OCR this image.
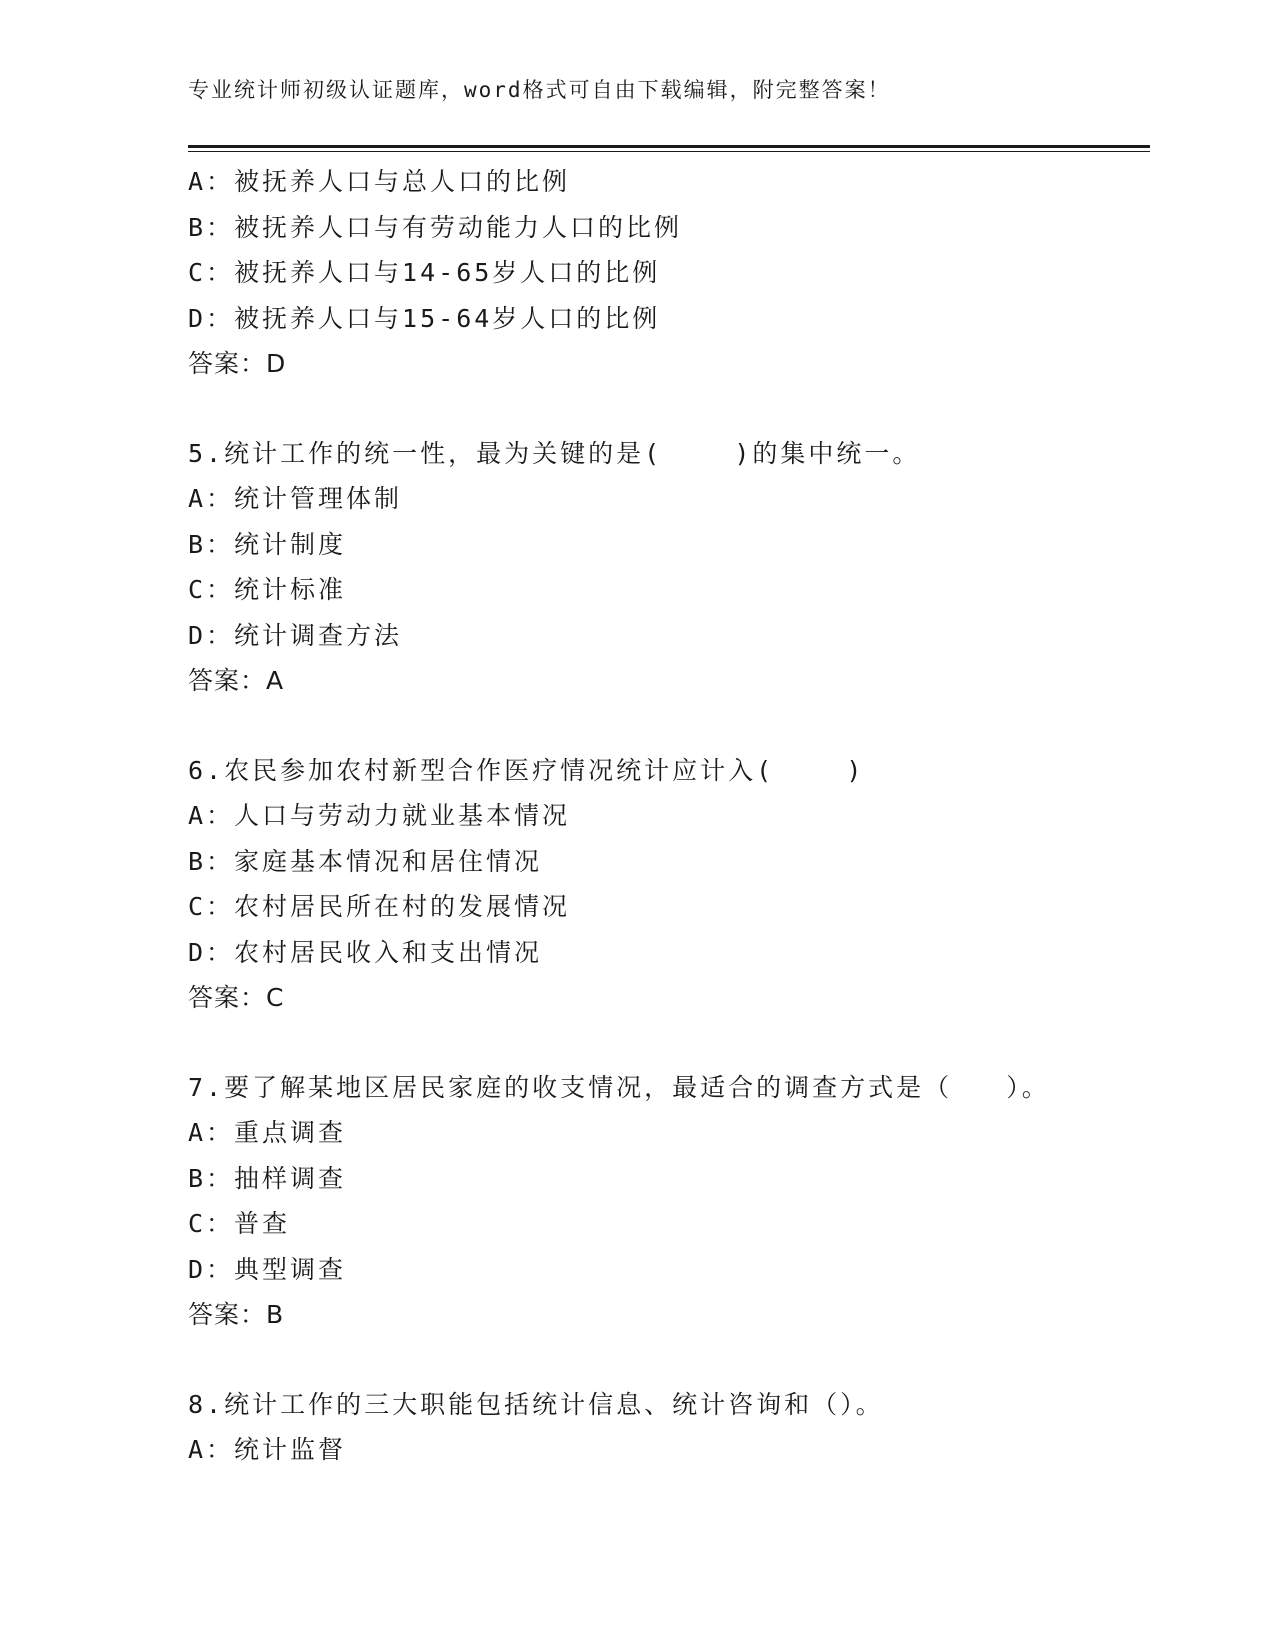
专业统计师初级认证题库，word格式可自由下载编辑，附完整答案！
A：被抚养人口与总人口的比例
B：被抚养人口与有劳动能力人口的比例
C：被抚养人口与14-65岁人口的比例
D：被抚养人口与15-64岁人口的比例
答案：D
5.统计工作的统一性，最为关键的是(    )的集中统一。
A：统计管理体制
B：统计制度
C：统计标准
D：统计调查方法
答案：A
6.农民参加农村新型合作医疗情况统计应计入(    )
A：人口与劳动力就业基本情况
B：家庭基本情况和居住情况
C：农村居民所在村的发展情况
D：农村居民收入和支出情况
答案：C
7.要了解某地区居民家庭的收支情况，最适合的调查方式是（   ）。
A：重点调查
B：抽样调查
C：普查
D：典型调查
答案：B
8.统计工作的三大职能包括统计信息、统计咨询和（）。
A：统计监督
